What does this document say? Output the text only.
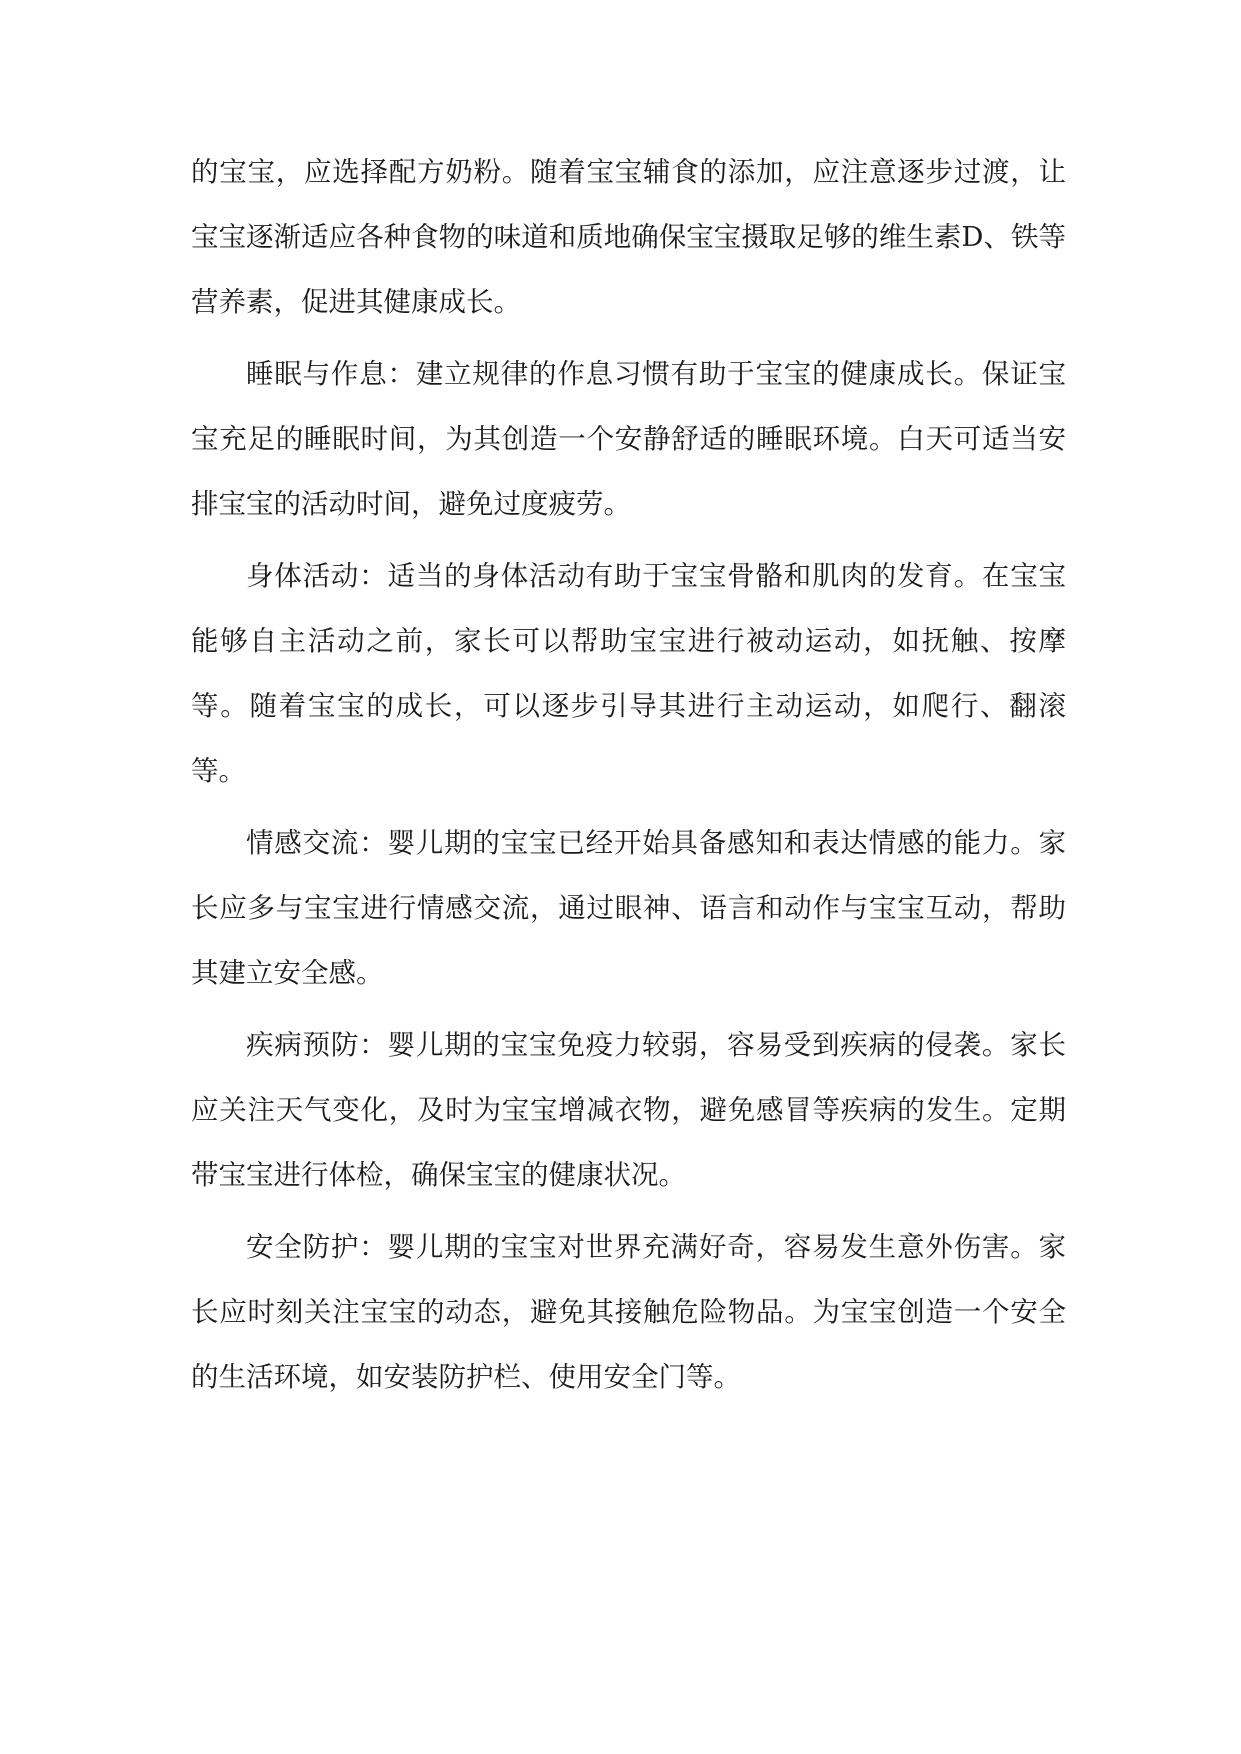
的宝宝，应选择配方奶粉。随着宝宝辅食的添加，应注意逐步过渡，让宝宝逐渐适应各种食物的味道和质地确保宝宝摄取足够的维生素D、铁等营养素，促进其健康成长。

睡眠与作息：建立规律的作息习惯有助于宝宝的健康成长。保证宝宝充足的睡眠时间，为其创造一个安静舒适的睡眠环境。白天可适当安排宝宝的活动时间，避免过度疲劳。

身体活动：适当的身体活动有助于宝宝骨骼和肌肉的发育。在宝宝能够自主活动之前，家长可以帮助宝宝进行被动运动，如抚触、按摩等。随着宝宝的成长，可以逐步引导其进行主动运动，如爬行、翻滚等。

情感交流：婴儿期的宝宝已经开始具备感知和表达情感的能力。家长应多与宝宝进行情感交流，通过眼神、语言和动作与宝宝互动，帮助其建立安全感。

疾病预防：婴儿期的宝宝免疫力较弱，容易受到疾病的侵袭。家长应关注天气变化，及时为宝宝增减衣物，避免感冒等疾病的发生。定期带宝宝进行体检，确保宝宝的健康状况。

安全防护：婴儿期的宝宝对世界充满好奇，容易发生意外伤害。家长应时刻关注宝宝的动态，避免其接触危险物品。为宝宝创造一个安全的生活环境，如安装防护栏、使用安全门等。
